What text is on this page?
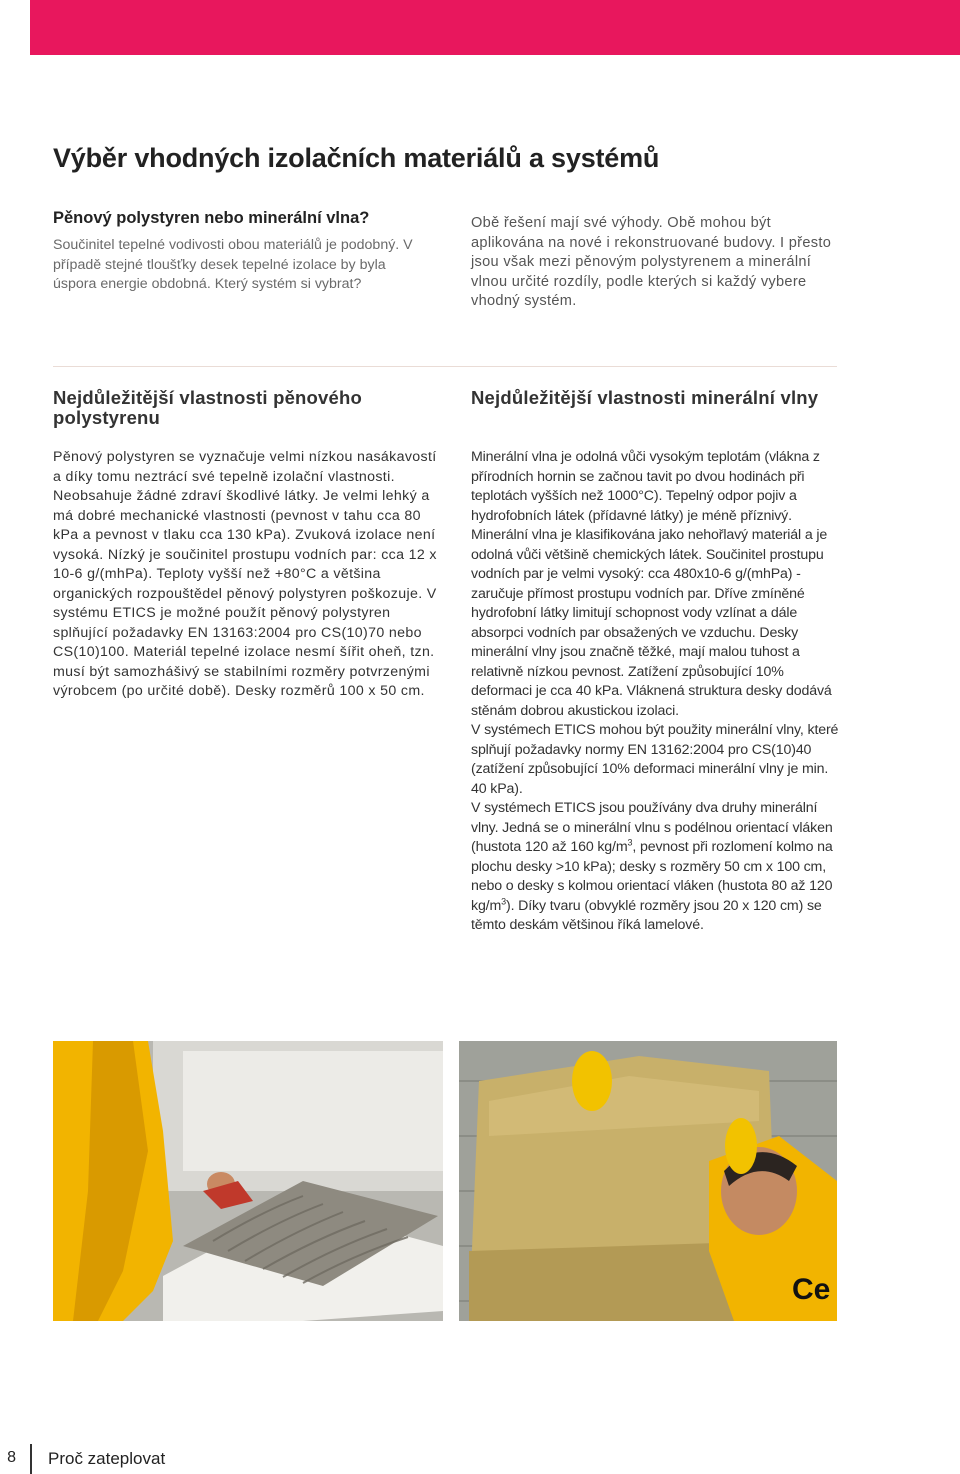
Výběr vhodných izolačních materiálů a systémů
Pěnový polystyren nebo minerální vlna?

Součinitel tepelné vodivosti obou materiálů je podobný. V případě stejné tloušťky desek tepelné izolace by byla úspora energie obdobná. Který systém si vybrat?

Obě řešení mají své výhody. Obě mohou být aplikována na nové i rekonstruované budovy. I přesto jsou však mezi pěnovým polystyrenem a minerální vlnou určité rozdíly, podle kterých si každý vybere vhodný systém.

Nejdůležitější vlastnosti pěnového polystyrenu

Pěnový polystyren se vyznačuje velmi nízkou nasákavostí a díky tomu neztrácí své tepelně izolační vlastnosti. Neobsahuje žádné zdraví škodlivé látky. Je velmi lehký a má dobré mechanické vlastnosti (pevnost v tahu cca 80 kPa a pevnost v tlaku cca 130 kPa). Zvuková izolace není vysoká. Nízký je součinitel prostupu vodních par: cca 12 x 10-6 g/(mhPa). Teploty vyšší než +80°C a většina organických rozpouštědel pěnový polystyren poškozuje. V systému ETICS je možné použít pěnový polystyren splňující požadavky EN 13163:2004 pro CS(10)70 nebo CS(10)100. Materiál tepelné izolace nesmí šířit oheň, tzn. musí být samozhášivý se stabilními rozměry potvrzenými výrobcem (po určité době). Desky rozměrů 100 x 50 cm.

Nejdůležitější vlastnosti minerální vlny

Minerální vlna je odolná vůči vysokým teplotám (vlákna z přírodních hornin se začnou tavit po dvou hodinách při teplotách vyšších než 1000°C). Tepelný odpor pojiv a hydrofobních látek (přídavné látky) je méně příznivý. Minerální vlna je klasifikována jako nehořlavý materiál a je odolná vůči většině chemických látek. Součinitel prostupu vodních par je velmi vysoký: cca 480x10-6 g/(mhPa) -zaručuje přímost prostupu vodních par. Dříve zmíněné hydrofobní látky limitují schopnost vody vzlínat a dále absorpci vodních par obsažených ve vzduchu. Desky minerální vlny jsou značně těžké, mají malou tuhost a relativně nízkou pevnost. Zatížení způsobující 10% deformaci je cca 40 kPa. Vláknená struktura desky dodává stěnám dobrou akustickou izolaci.

V systémech ETICS mohou být použity minerální vlny, které splňují požadavky normy EN 13162:2004 pro CS(10)40 (zatížení způsobující 10% deformaci minerální vlny je min. 40 kPa).

V systémech ETICS jsou používány dva druhy minerální vlny. Jedná se o minerální vlnu s podélnou orientací vláken (hustota 120 až 160 $kg/m^3$, pevnost při rozlomení kolmo na plochu desky >10 kPa); desky s rozměry 50 cm x 100 cm, nebo o desky s kolmou orientací vláken (hustota 80 až 120 $kg/m^3$). Díky tvaru (obvyklé rozměry jsou 20 x 120 cm) se těmto deskám většinou říká lamelové.

Ce
8 Proč zateplovat
